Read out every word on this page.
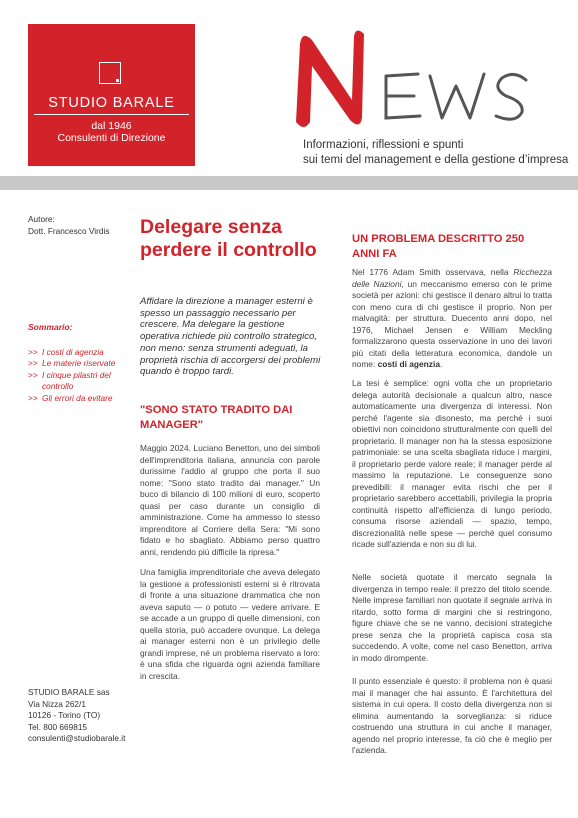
STUDIO BARALE
dal 1946
Consulenti di Direzione
Informazioni, riflessioni e spunti
sui temi del management e della gestione d’impresa
Autore:
Dott. Francesco Virdis
Sommario:
>> I costi di agenzia
>> Le materie riservate
>> I cinque pilastri del controllo
>> Gli errori da evitare
STUDIO BARALE sas
Via Nizza 262/1
10126 - Torino (TO)
Tel. 800 669815
consulenti@studiobarale.it
Delegare senza perdere il controllo

Affidare la direzione a manager esterni è spesso un passaggio necessario per crescere. Ma delegare la gestione operativa richiede più controllo strategico, non meno: senza strumenti adeguati, la proprietà rischia di accorgersi dei problemi quando è troppo tardi.

"SONO STATO TRADITO DAI MANAGER"

Maggio 2024. Luciano Benetton, uno dei simboli dell'imprenditoria italiana, annuncia con parole durissime l'addio al gruppo che porta il suo nome: "Sono stato tradito dai manager." Un buco di bilancio di 100 milioni di euro, scoperto quasi per caso durante un consiglio di amministrazione. Come ha ammesso lo stesso imprenditore al Corriere della Sera: "Mi sono fidato e ho sbagliato. Abbiamo perso quattro anni, rendendo più difficile la ripresa."

Una famiglia imprenditoriale che aveva delegato la gestione a professionisti esterni si è ritrovata di fronte a una situazione drammatica che non aveva saputo — o potuto — vedere arrivare. E se accade a un gruppo di quelle dimensioni, con quella storia, può accadere ovunque. La delega ai manager esterni non è un privilegio delle grandi imprese, né un problema riservato a loro: è una sfida che riguarda ogni azienda familiare in crescita.

UN PROBLEMA DESCRITTO 250 ANNI FA

Nel 1776 Adam Smith osservava, nella Ricchezza delle Nazioni, un meccanismo emerso con le prime società per azioni: chi gestisce il denaro altrui lo tratta con meno cura di chi gestisce il proprio. Non per malvagità: per struttura. Duecento anni dopo, nel 1976, Michael Jensen e William Meckling formalizzarono questa osservazione in uno dei lavori più citati della letteratura economica, dandole un nome: costi di agenzia.

La tesi è semplice: ogni volta che un proprietario delega autorità decisionale a qualcun altro, nasce automaticamente una divergenza di interessi. Non perché l'agente sia disonesto, ma perché i suoi obiettivi non coincidono strutturalmente con quelli del proprietario. Il manager non ha la stessa esposizione patrimoniale: se una scelta sbagliata riduce i margini, il proprietario perde valore reale; il manager perde al massimo la reputazione. Le conseguenze sono prevedibili: il manager evita rischi che per il proprietario sarebbero accettabili, privilegia la propria continuità rispetto all'efficienza di lungo periodo, consuma risorse aziendali — spazio, tempo, discrezionalità nelle spese — perché quel consumo ricade sull'azienda e non su di lui.

Nelle società quotate il mercato segnala la divergenza in tempo reale: il prezzo del titolo scende. Nelle imprese familiari non quotate il segnale arriva in ritardo, sotto forma di margini che si restringono, figure chiave che se ne vanno, decisioni strategiche prese senza che la proprietà capisca cosa sta succedendo. A volte, come nel caso Benetton, arriva in modo dirompente.

Il punto essenziale è questo: il problema non è quasi mai il manager che hai assunto. È l'architettura del sistema in cui opera. Il costo della divergenza non si elimina aumentando la sorveglianza: si riduce costruendo una struttura in cui anche il manager, agendo nel proprio interesse, fa ciò che è meglio per l'azienda.
